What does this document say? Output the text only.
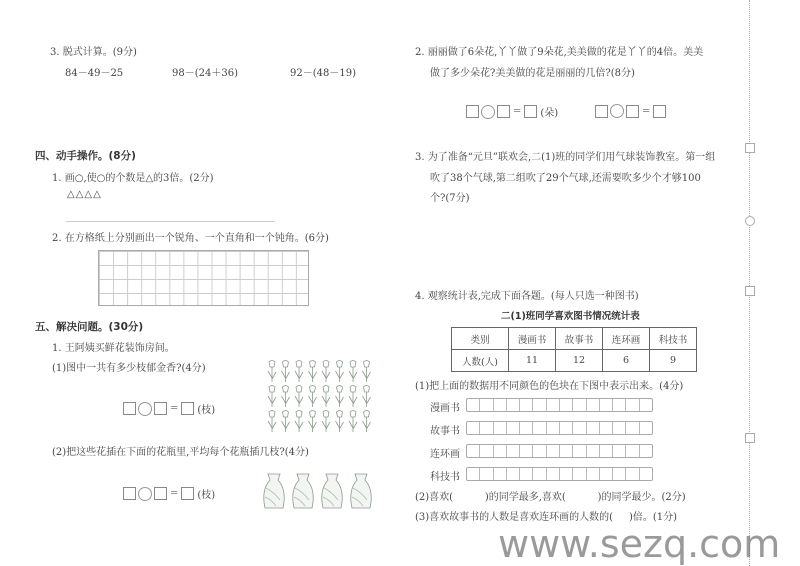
3. 脱式计算。(9分)
84－49－25	98－(24＋36)	92－(48－19)
四、动手操作。(8分)
1. 画○,使○的个数是△的3倍。(2分)
△△△△
2. 在方格纸上分别画出一个锐角、一个直角和一个钝角。(6分)
五、解决问题。(30分)
1. 王阿姨买鲜花装饰房间。
(1)图中一共有多少枝郁金香?(4分)
= (枝)
(2)把这些花插在下面的花瓶里,平均每个花瓶插几枝?(4分)
= (枝)
2. 丽丽做了6朵花,丫丫做了9朵花,美美做的花是丫丫的4倍。美美
做了多少朵花?美美做的花是丽丽的几倍?(8分)
= (朵)	=
3. 为了准备“元旦”联欢会,二(1)班的同学们用气球装饰教室。第一组
吹了38个气球,第二组吹了29个气球,还需要吹多少个才够100
个?(7分)
4. 观察统计表,完成下面各题。(每人只选一种图书)
二(1)班同学喜欢图书情况统计表
类别	漫画书	故事书	连环画	科技书
人数(人)	11	12	6	9
(1)把上面的数据用不同颜色的色块在下图中表示出来。(4分)
漫画书
故事书
连环画
科技书
(2)喜欢(          )的同学最多,喜欢(          )的同学最少。(2分)
(3)喜欢故事书的人数是喜欢连环画的人数的(     )倍。(1分)
www.sezq.com
